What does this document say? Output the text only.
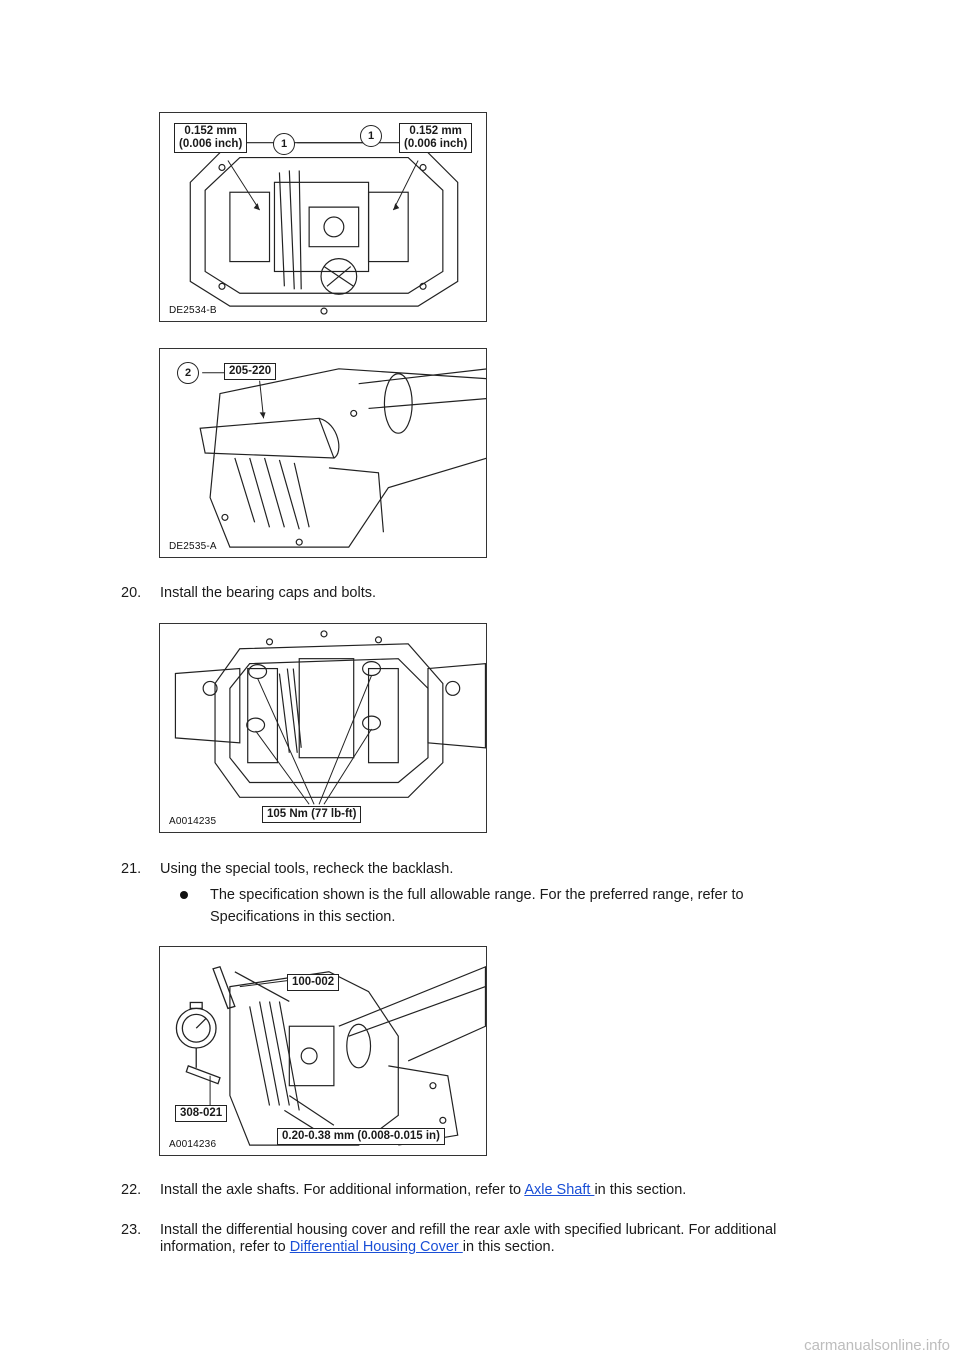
0.152 mm
(0.006 inch)	1
1	0.152 mm
(0.006 inch)
DE2534-B
2	205-220
DE2535-A
20. Install the bearing caps and bolts.
105 Nm (77 lb-ft)
A0014235
21. Using the special tools, recheck the backlash.
The specification shown is the full allowable range. For the preferred range, refer to Specifications in this section.
100-002
308-021
0.20-0.38 mm (0.008-0.015 in)
A0014236
22. Install the axle shafts. For additional information, refer to Axle Shaft in this section.
23. Install the differential housing cover and refill the rear axle with specified lubricant. For additional information, refer to Differential Housing Cover in this section.
carmanualsonline.info
